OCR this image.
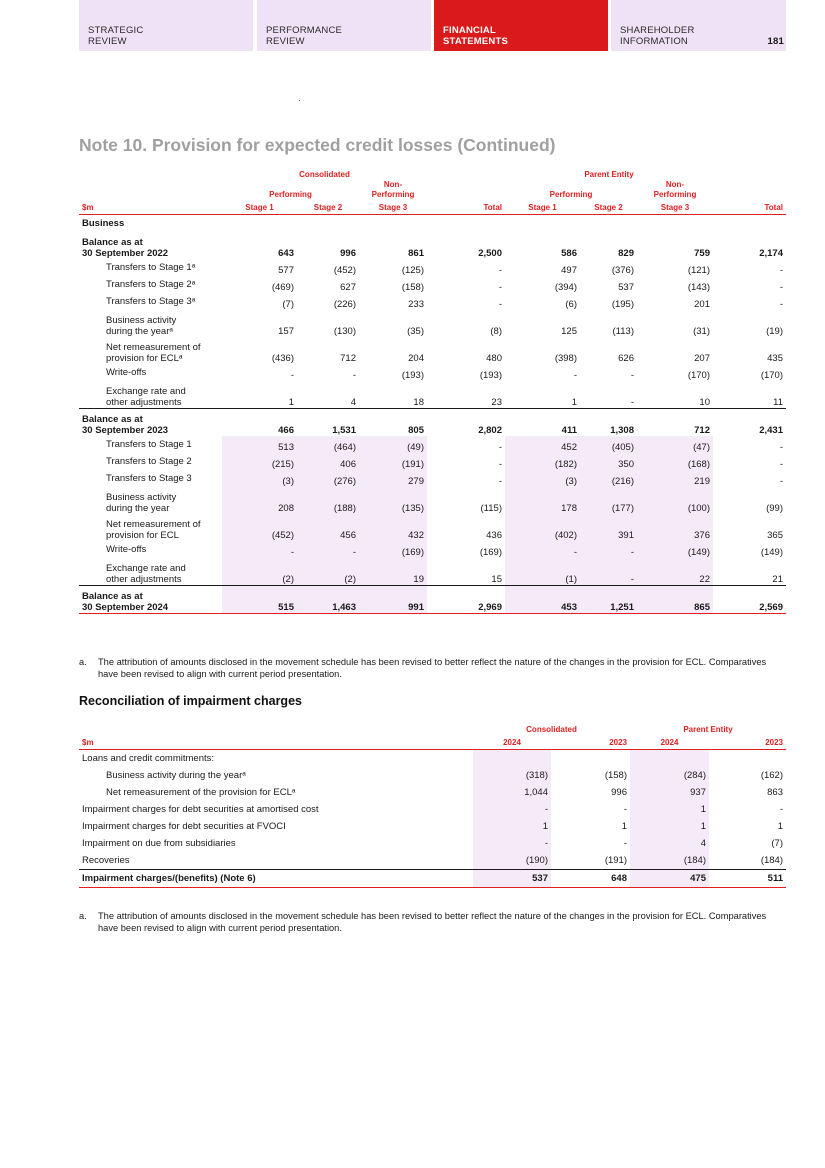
STRATEGIC
REVIEW
PERFORMANCE
REVIEW
FINANCIAL
STATEMENTS
SHAREHOLDER
INFORMATION	181
Note 10. Provision for expected credit losses (Continued)
	Consolidated				Parent Entity			
			Non-				Non-	
	Performing		Performing		Performing		Performing	
$m	Stage 1	Stage 2	Stage 3	Total	Stage 1	Stage 2	Stage 3	Total
Business								

Balance as at
30 September 2022	643	996	861	2,500	586	829	759	2,174

Transfers to Stage 1ᵃ	577	(452)	(125)	-	497	(376)	(121)	-

Transfers to Stage 2ᵃ	(469)	627	(158)	-	(394)	537	(143)	-

Transfers to Stage 3ᵃ	(7)	(226)	233	-	(6)	(195)	201	-

Business activity
during the yearᵃ	157	(130)	(35)	(8)	125	(113)	(31)	(19)

Net remeasurement of
provision for ECLᵃ	(436)	712	204	480	(398)	626	207	435

Write-offs	-	-	(193)	(193)	-	-	(170)	(170)

Exchange rate and
other adjustments	1	4	18	23	1	-	10	11

Balance as at
30 September 2023	466	1,531	805	2,802	411	1,308	712	2,431

Transfers to Stage 1	513	(464)	(49)	-	452	(405)	(47)	-

Transfers to Stage 2	(215)	406	(191)	-	(182)	350	(168)	-

Transfers to Stage 3	(3)	(276)	279	-	(3)	(216)	219	-

Business activity
during the year	208	(188)	(135)	(115)	178	(177)	(100)	(99)

Net remeasurement of
provision for ECL	(452)	456	432	436	(402)	391	376	365

Write-offs	-	-	(169)	(169)	-	-	(149)	(149)

Exchange rate and
other adjustments	(2)	(2)	19	15	(1)	-	22	21

Balance as at
30 September 2024	515	1,463	991	2,969	453	1,251	865	2,569
a.	The attribution of amounts disclosed in the movement schedule has been revised to better reflect the nature of the changes in the provision for ECL. Comparatives have been revised to align with current period presentation.
Reconciliation of impairment charges
	Consolidated		Parent Entity	
$m	2024	2023	2024	2023
Loans and credit commitments:				
Business activity during the yearᵃ	(318)	(158)	(284)	(162)
Net remeasurement of the provision for ECLᵃ	1,044	996	937	863
Impairment charges for debt securities at amortised cost	-	-	1	-
Impairment charges for debt securities at FVOCI	1	1	1	1
Impairment on due from subsidiaries	-	-	4	(7)
Recoveries	(190)	(191)	(184)	(184)
Impairment charges/(benefits) (Note 6)	537	648	475	511
a.	The attribution of amounts disclosed in the movement schedule has been revised to better reflect the nature of the changes in the provision for ECL. Comparatives have been revised to align with current period presentation.
